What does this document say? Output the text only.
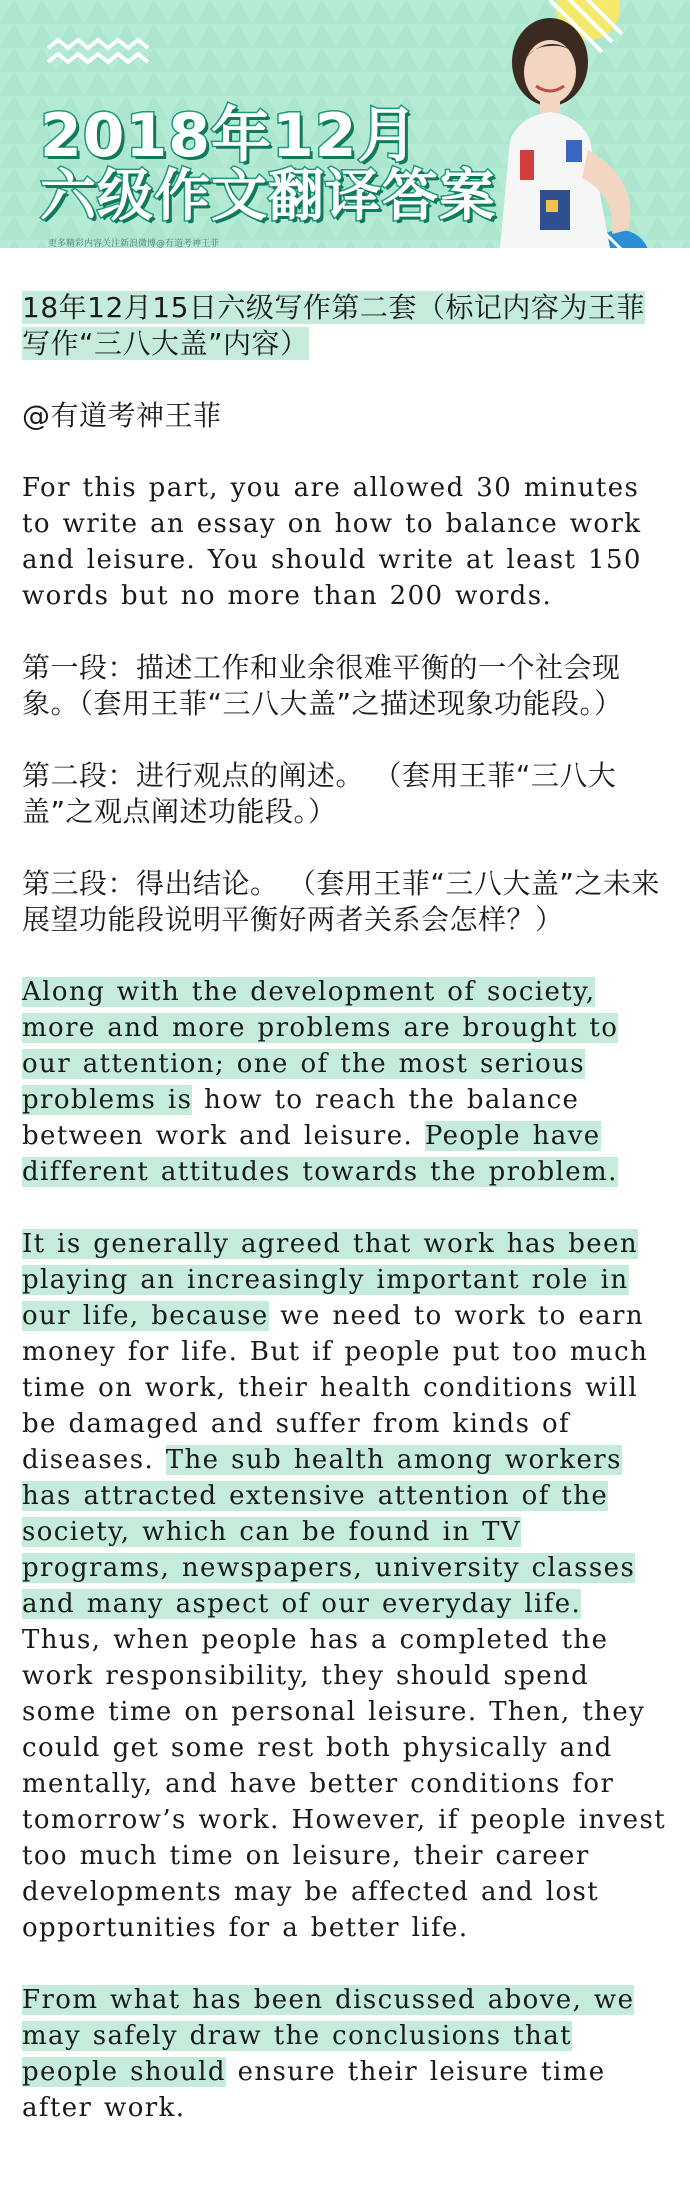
2018年12月
六级作文翻译答案
更多精彩内容关注新浪微博@有道考神王菲

18年12月15日六级写作第二套（标记内容为王菲写作“三八大盖”内容）

@有道考神王菲

For this part, you are allowed 30 minutes to write an essay on how to balance work and leisure. You should write at least 150 words but no more than 200 words.

第一段：描述工作和业余很难平衡的一个社会现象。（套用王菲“三八大盖”之描述现象功能段。）

第二段：进行观点的阐述。 （套用王菲“三八大盖”之观点阐述功能段。）

第三段：得出结论。 （套用王菲“三八大盖”之未来展望功能段说明平衡好两者关系会怎样？）

Along with the development of society, more and more problems are brought to our attention; one of the most serious problems is how to reach the balance between work and leisure. People have different attitudes towards the problem.

It is generally agreed that work has been playing an increasingly important role in our life, because we need to work to earn money for life. But if people put too much time on work, their health conditions will be damaged and suffer from kinds of diseases. The sub health among workers has attracted extensive attention of the society, which can be found in TV programs, newspapers, university classes and many aspect of our everyday life. Thus, when people has a completed the work responsibility, they should spend some time on personal leisure. Then, they could get some rest both physically and mentally, and have better conditions for tomorrow’s work. However, if people invest too much time on leisure, their career developments may be affected and lost opportunities for a better life.

From what has been discussed above, we may safely draw the conclusions that people should ensure their leisure time after work.
